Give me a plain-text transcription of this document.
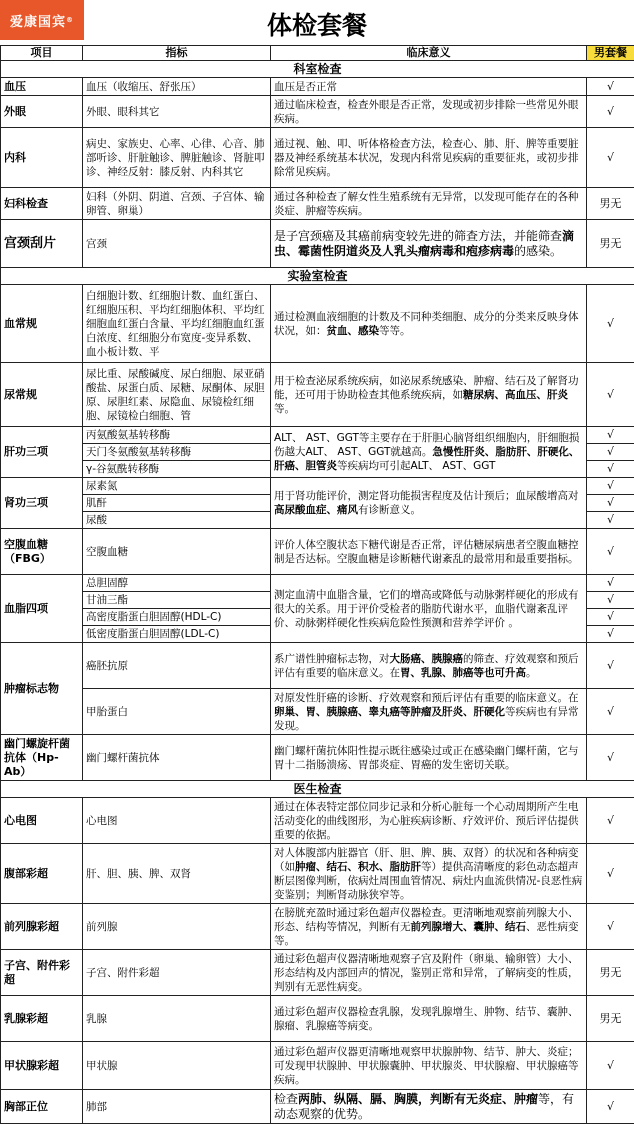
爱康国宾 ®	体检套餐
项目	指标	临床意义	男套餐
科室检查			
血压	血压（收缩压、舒张压）	血压是否正常	√
外眼	外眼、眼科其它	通过临床检查，检查外眼是否正常，发现或初步排除一些常见外眼疾病。	√
内科	病史、家族史、心率、心律、心音、肺部听诊、肝脏触诊、脾脏触诊、肾脏叩诊、神经反射：膝反射、内科其它	通过视、触、叩、听体格检查方法，检查心、肺、肝、脾等重要脏器及神经系统基本状况，发现内科常见疾病的重要征兆，或初步排除常见疾病。	√
妇科检查	妇科（外阴、阴道、宫颈、子宫体、输卵管、卵巢）	通过各种检查了解女性生殖系统有无异常，以发现可能存在的各种炎症、肿瘤等疾病。	男无
宫颈刮片	宫颈	是子宫颈癌及其癌前病变较先进的筛查方法，并能筛查滴虫、霉菌性阴道炎及人乳头瘤病毒和疱疹病毒的感染。	男无
实验室检查			
血常规	白细胞计数、红细胞计数、血红蛋白、红细胞压积、平均红细胞体积、平均红细胞血红蛋白含量、平均红细胞血红蛋白浓度、红细胞分布宽度-变异系数、血小板计数、平	通过检测血液细胞的计数及不同种类细胞、成分的分类来反映身体状况，如：贫血、感染等等。	√
尿常规	尿比重、尿酸碱度、尿白细胞、尿亚硝酸盐、尿蛋白质、尿糖、尿酮体、尿胆原、尿胆红素、尿隐血、尿镜检红细胞、尿镜检白细胞、管	用于检查泌尿系统疾病，如泌尿系统感染、肿瘤、结石及了解肾功能，还可用于协助检查其他系统疾病，如糖尿病、高血压、肝炎等。	√
肝功三项	丙氨酸氨基转移酶	ALT、 AST、GGT等主要存在于肝胆心脑肾组织细胞内，肝细胞损伤越大ALT、 AST、GGT就越高。急慢性肝炎、脂肪肝、肝硬化、肝癌、胆管炎等疾病均可引起ALT、 AST、GGT	√
	天门冬氨酸氨基转移酶		√
	γ-谷氨酰转移酶		√
肾功三项	尿素氮	用于肾功能评价，测定肾功能损害程度及估计预后；血尿酸增高对高尿酸血症、痛风有诊断意义。	√
	肌酐		√
	尿酸		√
空腹血糖（FBG）	空腹血糖	评价人体空腹状态下糖代谢是否正常，评估糖尿病患者空腹血糖控制是否达标。空腹血糖是诊断糖代谢紊乱的最常用和最重要指标。	√
血脂四项	总胆固醇	测定血清中血脂含量，它们的增高或降低与动脉粥样硬化的形成有很大的关系。用于评价受检者的脂肪代谢水平，血脂代谢紊乱评价、动脉粥样硬化性疾病危险性预测和营养学评价 。	√
	甘油三酯		√
	高密度脂蛋白胆固醇(HDL-C)		√
	低密度脂蛋白胆固醇(LDL-C)		√
肿瘤标志物	癌胚抗原	系广谱性肿瘤标志物，对大肠癌、胰腺癌的筛查、疗效观察和预后评估有重要的临床意义。在胃、乳腺、肺癌等也可升高。	√
	甲胎蛋白	对原发性肝癌的诊断、疗效观察和预后评估有重要的临床意义。在卵巢、胃、胰腺癌、睾丸癌等肿瘤及肝炎、肝硬化等疾病也有异常发现。	√
幽门螺旋杆菌抗体（Hp-Ab）	幽门螺杆菌抗体	幽门螺杆菌抗体阳性提示既往感染过或正在感染幽门螺杆菌，它与胃十二指肠溃疡、胃部炎症、胃癌的发生密切关联。	√
医生检查			
心电图	心电图	通过在体表特定部位同步记录和分析心脏每一个心动周期所产生电活动变化的曲线图形，为心脏疾病诊断、疗效评价、预后评估提供重要的依据。	√
腹部彩超	肝、胆、胰、脾、双肾	对人体腹部内脏器官（肝、胆、脾、胰、双肾）的状况和各种病变（如肿瘤、结石、积水、脂肪肝等）提供高清晰度的彩色动态超声断层图像判断，依病灶周围血管情况、病灶内血流供情况-良恶性病变鉴别；判断肾动脉狭窄等。	√
前列腺彩超	前列腺	在膀胱充盈时通过彩色超声仪器检查。更清晰地观察前列腺大小、形态、结构等情况，判断有无前列腺增大、囊肿、结石、恶性病变等。	√
子宫、附件彩超	子宫、附件彩超	通过彩色超声仪器清晰地观察子宫及附件（卵巢、输卵管）大小、形态结构及内部回声的情况，鉴别正常和异常，了解病变的性质，判别有无恶性病变。	男无
乳腺彩超	乳腺	通过彩色超声仪器检查乳腺，发现乳腺增生、肿物、结节、囊肿、腺瘤、乳腺癌等病变。	男无
甲状腺彩超	甲状腺	通过彩色超声仪器更清晰地观察甲状腺肿物、结节、肿大、炎症；可发现甲状腺肿、甲状腺囊肿、甲状腺炎、甲状腺瘤、甲状腺癌等疾病。	√
胸部正位	肺部	检查两肺、纵隔、膈、胸膜，判断有无炎症、肿瘤等，有动态观察的优势。	√
